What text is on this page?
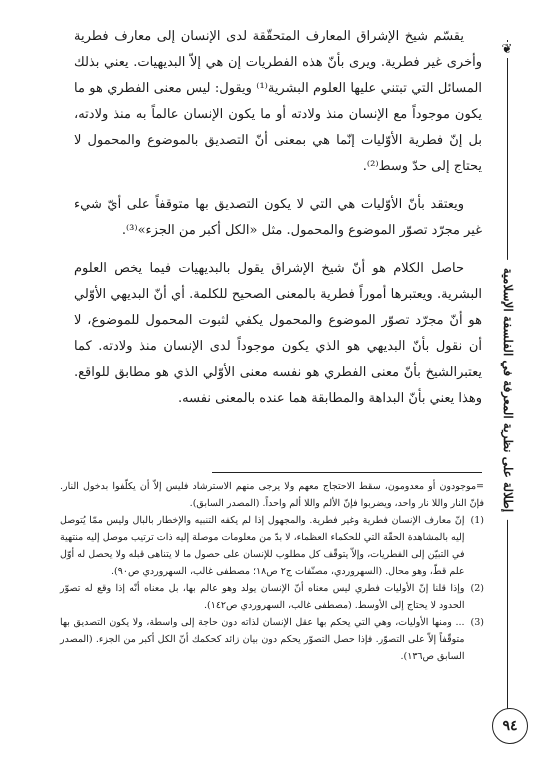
يقسّم شيخ الإشراق المعارف المتحقّقة لدى الإنسان إلى معارف فطرية وأخرى غير فطرية. ويرى بأنّ هذه الفطريات إن هي إلاّ البديهيات. يعني بذلك المسائل التي تبتني عليها العلوم البشرية⁽¹⁾ ويقول: ليس معنى الفطري هو ما يكون موجوداً مع الإنسان منذ ولادته أو ما يكون الإنسان عالماً به منذ ولادته، بل إنّ فطرية الأوّليات إنّما هي بمعنى أنّ التصديق بالموضوع والمحمول لا يحتاج إلى حدّ وسط⁽²⁾.

ويعتقد بأنّ الأوّليات هي التي لا يكون التصديق بها متوقفاً على أيّ شيء غير مجرّد تصوّر الموضوع والمحمول. مثل «الكل أكبر من الجزء»⁽³⁾.

حاصل الكلام هو أنّ شيخ الإشراق يقول بالبديهيات فيما يخص العلوم البشرية. ويعتبرها أموراً فطرية بالمعنى الصحيح للكلمة. أي أنّ البديهي الأوّلي هو أنّ مجرّد تصوّر الموضوع والمحمول يكفي لثبوت المحمول للموضوع، لا أن نقول بأنّ البديهي هو الذي يكون موجوداً لدى الإنسان منذ ولادته. كما يعتبرالشيخ بأنّ معنى الفطري هو نفسه معنى الأوّلي الذي هو مطابق للواقع. وهذا يعني بأنّ البداهة والمطابقة هما عنده بالمعنى نفسه.

=موجودون أو معدومون، سقط الاحتجاج معهم ولا يرجى منهم الاسترشاد فليس إلاّ أن يكلّفوا بدخول النار. فإنّ النار واللا نار واحد، ويضربوا فإنّ الألم واللا ألم واحداً. (المصدر السابق).

(1)
إنّ معارف الإنسان فطرية وغير فطرية. والمجهول إذا لم يكفه التنبيه والإخطار بالبال وليس ممّا يُتوصل إليه بالمشاهدة الحقّة التي للحكماء العظماء، لا بدّ من معلومات موصلة إليه ذات ترتيب موصل إليه منتهية في التبيّن إلى الفطريات، وإلاّ يتوقّف كل مطلوب للإنسان على حصول ما لا يتناهى قبله ولا يحصل له أوّل علم قطّ، وهو محال. (السهروردي، مصنّفات ج٢ ص١٨؛ مصطفى غالب، السهروردي ص٩٠).
(2)
وإذا قلنا إنّ الأوليات فطري ليس معناه أنّ الإنسان يولد وهو عالم بها، بل معناه أنّه إذا وقع له تصوّر الحدود لا يحتاج إلى الأوسط. (مصطفى غالب، السهروردي ص١٤٢).
(3)
... ومنها الأوليات، وهي التي يحكم بها عقل الإنسان لذاته دون حاجة إلى واسطة، ولا يكون التصديق بها متوقّفاً إلاّ على التصوّر. فإذا حصل التصوّر يحكم دون بيان زائد كحكمك أنّ الكل أكبر من الجزء. (المصدر السابق ص١٣٦).
❦
إطلالة على نظرية المعرفة في الفلسفة الإسلامية
٩٤
